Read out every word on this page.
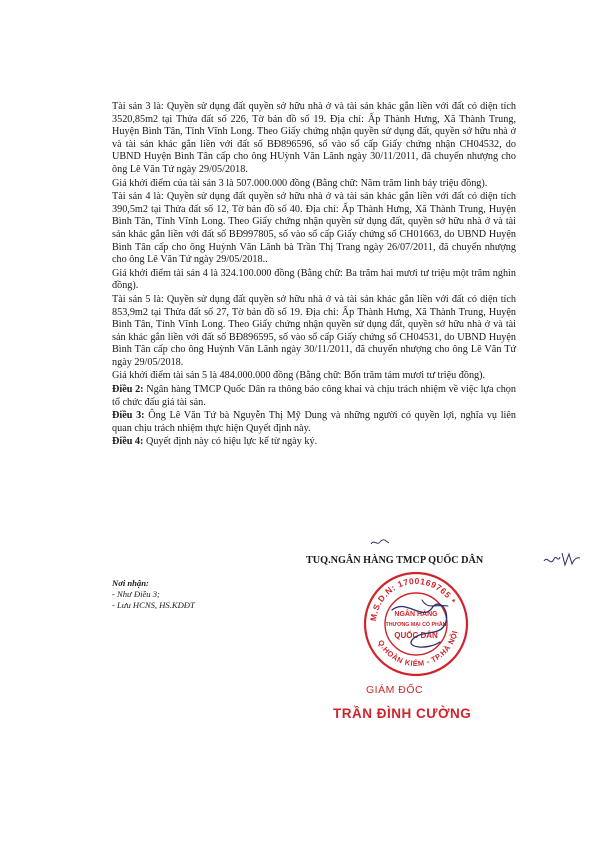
Tài sản 3 là: Quyền sử dụng đất quyền sở hữu nhà ở và tài sản khác gắn liền với đất có diện tích 3520,85m2 tại Thửa đất số 226, Tờ bản đồ số 19. Địa chỉ: Ấp Thành Hưng, Xã Thành Trung, Huyện Bình Tân, Tỉnh Vĩnh Long. Theo Giấy chứng nhận quyền sử dụng đất, quyền sở hữu nhà ở và tài sản khác gắn liền với đất số BĐ896596, số vào sổ cấp Giấy chứng nhận CH04532, do UBND Huyện Bình Tân cấp cho ông HUỳnh Văn Lãnh ngày 30/11/2011, đã chuyển nhượng cho ông Lê Văn Tứ ngày 29/05/2018.

Giá khởi điểm của tài sản 3 là 507.000.000 đồng (Bằng chữ: Năm trăm linh bảy triệu đồng).

Tài sản 4 là: Quyền sử dụng đất quyền sở hữu nhà ở và tài sản khác gắn liền với đất có diện tích 390,5m2 tại Thửa đất số 12, Tờ bản đồ số 40. Địa chỉ: Ấp Thành Hưng, Xã Thành Trung, Huyện Bình Tân, Tỉnh Vĩnh Long. Theo Giấy chứng nhận quyền sử dụng đất, quyền sở hữu nhà ở và tài sản khác gắn liền với đất số BĐ997805, số vào sổ cấp Giấy chứng số CH01663, do UBND Huyện Bình Tân cấp cho ông Huỳnh Văn Lãnh bà Trần Thị Trang ngày 26/07/2011, đã chuyển nhượng cho ông Lê Văn Tứ ngày 29/05/2018..

Giá khởi điểm tài sản 4 là 324.100.000 đồng (Bằng chữ: Ba trăm hai mươi tư triệu một trăm nghìn đồng).

Tài sản 5 là: Quyền sử dụng đất quyền sở hữu nhà ở và tài sản khác gắn liền với đất có diện tích 853,9m2 tại Thửa đất số 27, Tờ bản đồ số 19. Địa chỉ: Ấp Thành Hưng, Xã Thành Trung, Huyện Bình Tân, Tỉnh Vĩnh Long. Theo Giấy chứng nhận quyền sử dụng đất, quyền sở hữu nhà ở và tài sản khác gắn liền với đất số BĐ896595, số vào sổ cấp Giấy chứng số CH04531, do UBND Huyện Bình Tân cấp cho ông Huỳnh Văn Lãnh ngày 30/11/2011, đã chuyển nhượng cho ông Lê Văn Tứ ngày 29/05/2018.

Giá khởi điểm tài sản 5 là 484.000.000 đồng (Bằng chữ: Bốn trăm tám mươi tư triệu đồng).

Điều 2: Ngân hàng TMCP Quốc Dân ra thông báo công khai và chịu trách nhiệm về việc lựa chọn tổ chức đấu giá tài sản.

Điều 3: Ông Lê Văn Tứ bà Nguyễn Thị Mỹ Dung và những người có quyền lợi, nghĩa vụ liên quan chịu trách nhiệm thực hiện Quyết định này.

Điều 4: Quyết định này có hiệu lực kể từ ngày ký.

TUQ.NGÂN HÀNG TMCP QUỐC DÂN
Nơi nhận:
- Như Điều 3;
- Lưu HCNS, HS.KDĐT
M.S.D.N: 1700169765 *
Q.HOÀN KIẾM - TP.HÀ NỘI
NGÂN HÀNG
THƯƠNG MẠI CỔ PHẦN
QUỐC DÂN
GIÁM ĐỐC
TRẦN ĐÌNH CƯỜNG
